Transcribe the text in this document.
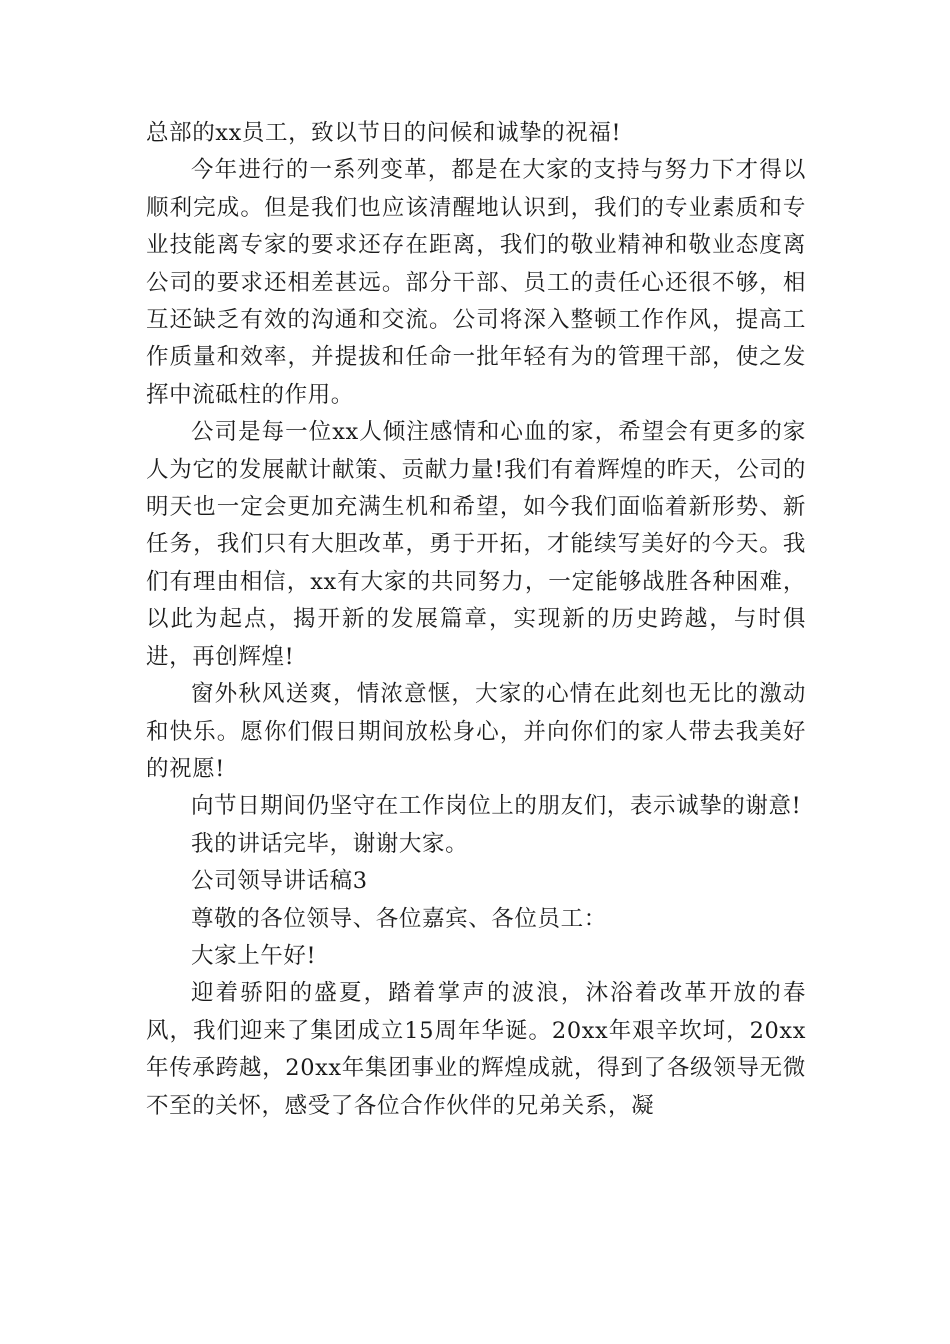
总部的xx员工，致以节日的问候和诚挚的祝福!

今年进行的一系列变革，都是在大家的支持与努力下才得以顺利完成。但是我们也应该清醒地认识到，我们的专业素质和专业技能离专家的要求还存在距离，我们的敬业精神和敬业态度离公司的要求还相差甚远。部分干部、员工的责任心还很不够，相互还缺乏有效的沟通和交流。公司将深入整顿工作作风，提高工作质量和效率，并提拔和任命一批年轻有为的管理干部，使之发挥中流砥柱的作用。

公司是每一位xx人倾注感情和心血的家，希望会有更多的家人为它的发展献计献策、贡献力量!我们有着辉煌的昨天，公司的明天也一定会更加充满生机和希望，如今我们面临着新形势、新任务，我们只有大胆改革，勇于开拓，才能续写美好的今天。我们有理由相信，xx有大家的共同努力，一定能够战胜各种困难，以此为起点，揭开新的发展篇章，实现新的历史跨越，与时俱进，再创辉煌!

窗外秋风送爽，情浓意惬，大家的心情在此刻也无比的激动和快乐。愿你们假日期间放松身心，并向你们的家人带去我美好的祝愿!

向节日期间仍坚守在工作岗位上的朋友们，表示诚挚的谢意!

我的讲话完毕，谢谢大家。

公司领导讲话稿3

尊敬的各位领导、各位嘉宾、各位员工：

大家上午好!

迎着骄阳的盛夏，踏着掌声的波浪，沐浴着改革开放的春风，我们迎来了集团成立15周年华诞。20xx年艰辛坎坷，20xx年传承跨越，20xx年集团事业的辉煌成就，得到了各级领导无微不至的关怀，感受了各位合作伙伴的兄弟关系，凝
